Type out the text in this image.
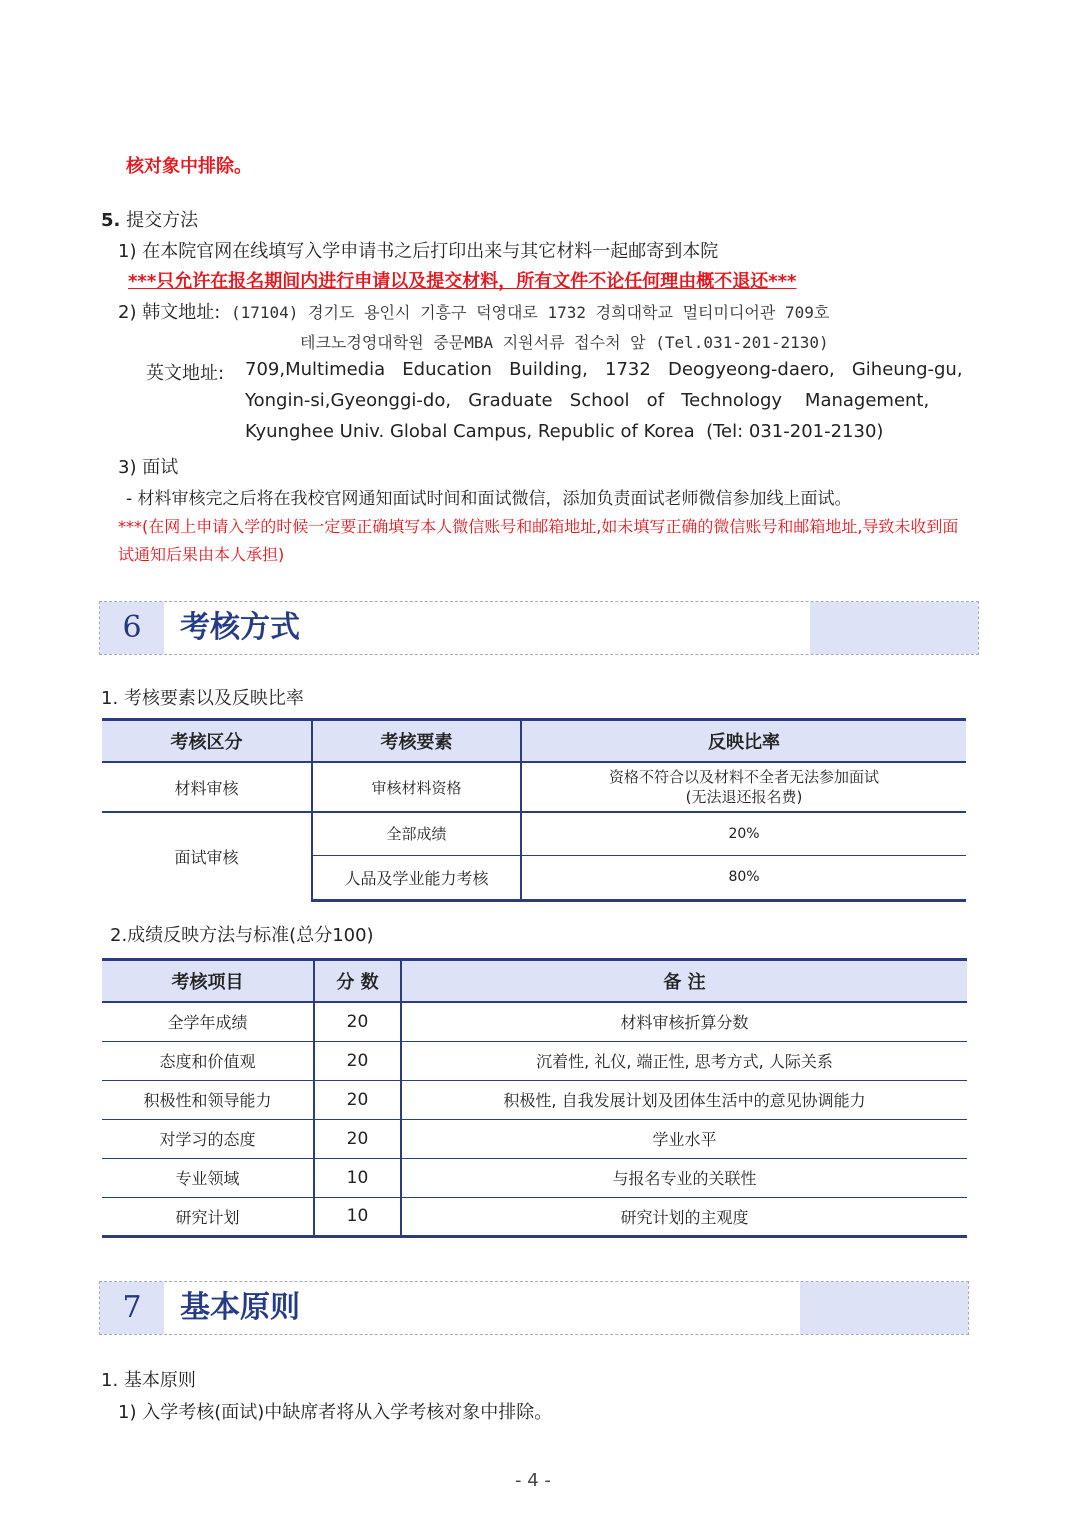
核对象中排除。
5. 提交方法
1) 在本院官网在线填写入学申请书之后打印出来与其它材料一起邮寄到本院
***只允许在报名期间内进行申请以及提交材料，所有文件不论任何理由概不退还***
2) 韩文地址: (17104) 경기도 용인시 기흥구 덕영대로 1732 경희대학교 멀티미디어관 709호
테크노경영대학원 중문MBA 지원서류 접수처 앞 (Tel.031-201-2130)
英文地址: 709,Multimedia   Education   Building,   1732   Deogyeong-daero,   Giheung-gu,
Yongin-si,Gyeonggi-do,   Graduate   School   of   Technology    Management,
Kyunghee Univ. Global Campus, Republic of Korea  (Tel: 031-201-2130)
3) 面试
- 材料审核完之后将在我校官网通知面试时间和面试微信，添加负责面试老师微信参加线上面试。
***(在网上申请入学的时候一定要正确填写本人微信账号和邮箱地址,如未填写正确的微信账号和邮箱地址,导致未收到面
试通知后果由本人承担)
6	考核方式
1. 考核要素以及反映比率
考核区分	考核要素	反映比率
材料审核	审核材料资格	资格不符合以及材料不全者无法参加面试
(无法退还报名费)

面试审核	全部成绩	20%
	人品及学业能力考核	80%
2.成绩反映方法与标准(总分100)
考核项目	分 数	备 注
全学年成绩	20	材料审核折算分数
态度和价值观	20	沉着性, 礼仪, 端正性, 思考方式, 人际关系
积极性和领导能力	20	积极性, 自我发展计划及团体生活中的意见协调能力
对学习的态度	20	学业水平
专业领域	10	与报名专业的关联性
研究计划	10	研究计划的主观度
7	基本原则
1. 基本原则
1) 入学考核(面试)中缺席者将从入学考核对象中排除。
- 4 -
